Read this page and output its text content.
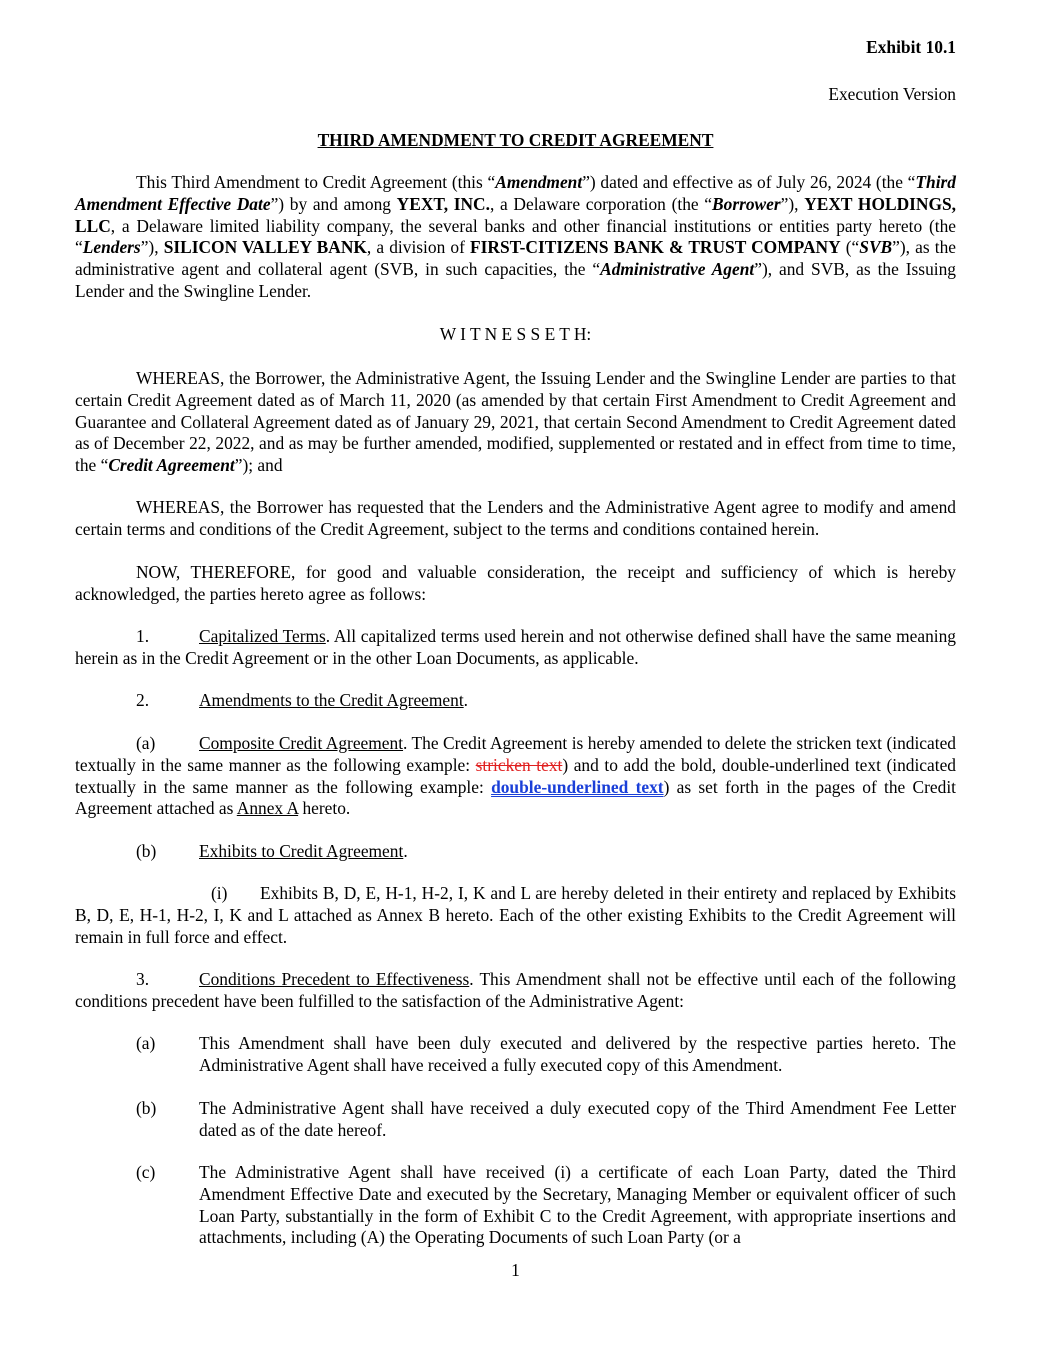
Exhibit 10.1
Execution Version
THIRD AMENDMENT TO CREDIT AGREEMENT

This Third Amendment to Credit Agreement (this “Amendment”) dated and effective as of July 26, 2024 (the “Third Amendment Effective Date”) by and among YEXT, INC., a Delaware corporation (the “Borrower”), YEXT HOLDINGS, LLC, a Delaware limited liability company, the several banks and other financial institutions or entities party hereto (the “Lenders”), SILICON VALLEY BANK, a division of FIRST-CITIZENS BANK & TRUST COMPANY (“SVB”), as the administrative agent and collateral agent (SVB, in such capacities, the “Administrative Agent”), and SVB, as the Issuing Lender and the Swingline Lender.

W I T N E S S E T H:

WHEREAS, the Borrower, the Administrative Agent, the Issuing Lender and the Swingline Lender are parties to that certain Credit Agreement dated as of March 11, 2020 (as amended by that certain First Amendment to Credit Agreement and Guarantee and Collateral Agreement dated as of January 29, 2021, that certain Second Amendment to Credit Agreement dated as of December 22, 2022, and as may be further amended, modified, supplemented or restated and in effect from time to time, the “Credit Agreement”); and

WHEREAS, the Borrower has requested that the Lenders and the Administrative Agent agree to modify and amend certain terms and conditions of the Credit Agreement, subject to the terms and conditions contained herein.

NOW, THEREFORE, for good and valuable consideration, the receipt and sufficiency of which is hereby acknowledged, the parties hereto agree as follows:

1.	Capitalized Terms. All capitalized terms used herein and not otherwise defined shall have the same meaning herein as in the Credit Agreement or in the other Loan Documents, as applicable.

2.	Amendments to the Credit Agreement.

(a)	Composite Credit Agreement. The Credit Agreement is hereby amended to delete the stricken text (indicated textually in the same manner as the following example: stricken text) and to add the bold, double-underlined text (indicated textually in the same manner as the following example: double-underlined text) as set forth in the pages of the Credit Agreement attached as Annex A hereto.

(b)	Exhibits to Credit Agreement.

(i)	Exhibits B, D, E, H-1, H-2, I, K and L are hereby deleted in their entirety and replaced by Exhibits B, D, E, H-1, H-2, I, K and L attached as Annex B hereto. Each of the other existing Exhibits to the Credit Agreement will remain in full force and effect.

3.	Conditions Precedent to Effectiveness. This Amendment shall not be effective until each of the following conditions precedent have been fulfilled to the satisfaction of the Administrative Agent:

(a)	This Amendment shall have been duly executed and delivered by the respective parties hereto. The Administrative Agent shall have received a fully executed copy of this Amendment.

(b) The Administrative Agent shall have received a duly executed copy of the Third Amendment Fee Letter dated as of the date hereof.

(c)	The Administrative Agent shall have received (i) a certificate of each Loan Party, dated the Third Amendment Effective Date and executed by the Secretary, Managing Member or equivalent officer of such Loan Party, substantially in the form of Exhibit C to the Credit Agreement, with appropriate insertions and attachments, including (A) the Operating Documents of such Loan Party (or a

1
